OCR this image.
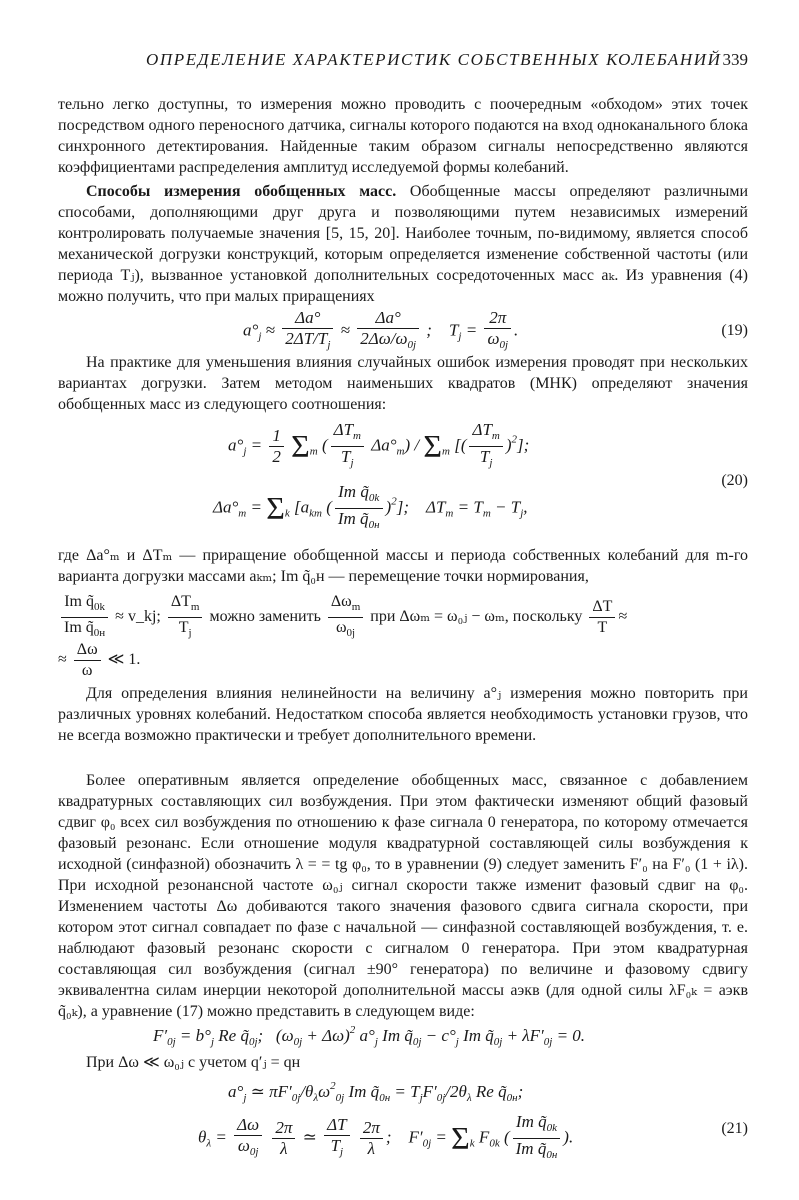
ОПРЕДЕЛЕНИЕ ХАРАКТЕРИСТИК СОБСТВЕННЫХ КОЛЕБАНИЙ 339

тельно легко доступны, то измерения можно проводить с поочередным «обходом» этих точек посредством одного переносного датчика, сигналы которого подаются на вход одноканального блока синхронного детектирования. Найденные таким образом сигналы непосредственно являются коэффициентами распределения амплитуд исследуемой формы колебаний.

Способы измерения обобщенных масс. Обобщенные массы определяют различными способами, дополняющими друг друга и позволяющими путем независимых измерений контролировать получаемые значения [5, 15, 20]. Наиболее точным, по-видимому, является способ механической догрузки конструкций, которым определяется изменение собственной частоты (или периода Tⱼ), вызванное установкой дополнительных сосредоточенных масс aₖ. Из уравнения (4) можно получить, что при малых приращениях

$a^\circ_j \approx \frac{\Delta a^\circ}{2\Delta T/T_j} \approx \frac{\Delta a^\circ}{2\Delta\omega/\omega_{0j}}$ ;    $T_j = \frac{2\pi}{\omega_{0j}}$ .	(19)

На практике для уменьшения влияния случайных ошибок измерения проводят при нескольких вариантах догрузки. Затем методом наименьших квадратов (МНК) определяют значения обобщенных масс из следующего соотношения:

$a^\circ_j = \frac{1}{2} \Sigma_m$ ( $\frac{\Delta T_m}{T_j} \Delta a^\circ_m) / \Sigma_m$ [( $\frac{\Delta T_m}{T_j} )^2$];
$\Delta a^\circ_m = \Sigma_k$ [$a_{km}$ ( $\frac{Im q̃_{0k}}{Im q̃_{0н}} )^2$];    $\Delta T_m = T_m - T_j$,
(20)

где Δa°ₘ и ΔTₘ — приращение обобщенной массы и периода собственных колебаний для m-го варианта догрузки массами aₖₘ; Im q̃₀н — перемещение точки нормирования,

$\frac{Im q̃_{0k}}{Im q̃_{0н}}$ ≈ v_kj; $\frac{\Delta T_m}{T_j}$ можно заменить $\frac{\Delta\omega_m}{\omega_{0j}}$ при Δωₘ = ω₀ⱼ − ωₘ, поскольку $\frac{\Delta T}{T}$ ≈
≈ $\frac{\Delta\omega}{\omega}$ ≪ 1.

Для определения влияния нелинейности на величину a°ⱼ измерения можно повторить при различных уровнях колебаний. Недостатком способа является необходимость установки грузов, что не всегда возможно практически и требует дополнительного времени.

Более оперативным является определение обобщенных масс, связанное с добавлением квадратурных составляющих сил возбуждения. При этом фактически изменяют общий фазовый сдвиг φ₀ всех сил возбуждения по отношению к фазе сигнала 0 генератора, по которому отмечается фазовый резонанс. Если отношение модуля квадратурной составляющей силы возбуждения к исходной (синфазной) обозначить λ = = tg φ₀, то в уравнении (9) следует заменить F′₀ на F′₀ (1 + iλ). При исходной резонансной частоте ω₀ⱼ сигнал скорости также изменит фазовый сдвиг на φ₀. Изменением частоты Δω добиваются такого значения фазового сдвига сигнала скорости, при котором этот сигнал совпадает по фазе с начальной — синфазной составляющей возбуждения, т. е. наблюдают фазовый резонанс скорости с сигналом 0 генератора. При этом квадратурная составляющая сил возбуждения (сигнал ±90° генератора) по величине и фазовому сдвигу эквивалентна силам инерции некоторой дополнительной массы aэкв (для одной силы λF₀ₖ = aэкв q̃₀ₖ), а уравнение (17) можно представить в следующем виде:

$F'_{0j} = b^\circ_j$ Re $q̃_{0j}$;   $(\omega_{0j} + \Delta\omega)^2$ $a^\circ_j$ Im $q̃_{0j} - c^\circ_j$ Im $q̃_{0j} + \lambda F'_{0j} = 0$.
При Δω ≪ ω₀ⱼ с учетом q′ⱼ = qн
$a^\circ_j$ ≃ $\pi F'_{0j}/\theta_\lambda\omega^2_{0j}$ Im $q̃_{0н} = T_jF'_{0j}/2\theta_\lambda$ Re $q̃_{0н}$;
$\theta_\lambda = \frac{\Delta\omega}{\omega_{0j}}$
$\frac{2\pi}{\lambda}$ ≃ $\frac{\Delta T}{T_j}$
$\frac{2\pi}{\lambda}$ ;    $F'_{0j} = \Sigma_k$ $F_{0k}$ ( $\frac{Im q̃_{0k}}{Im q̃_{0н}}$ ).	(21)
